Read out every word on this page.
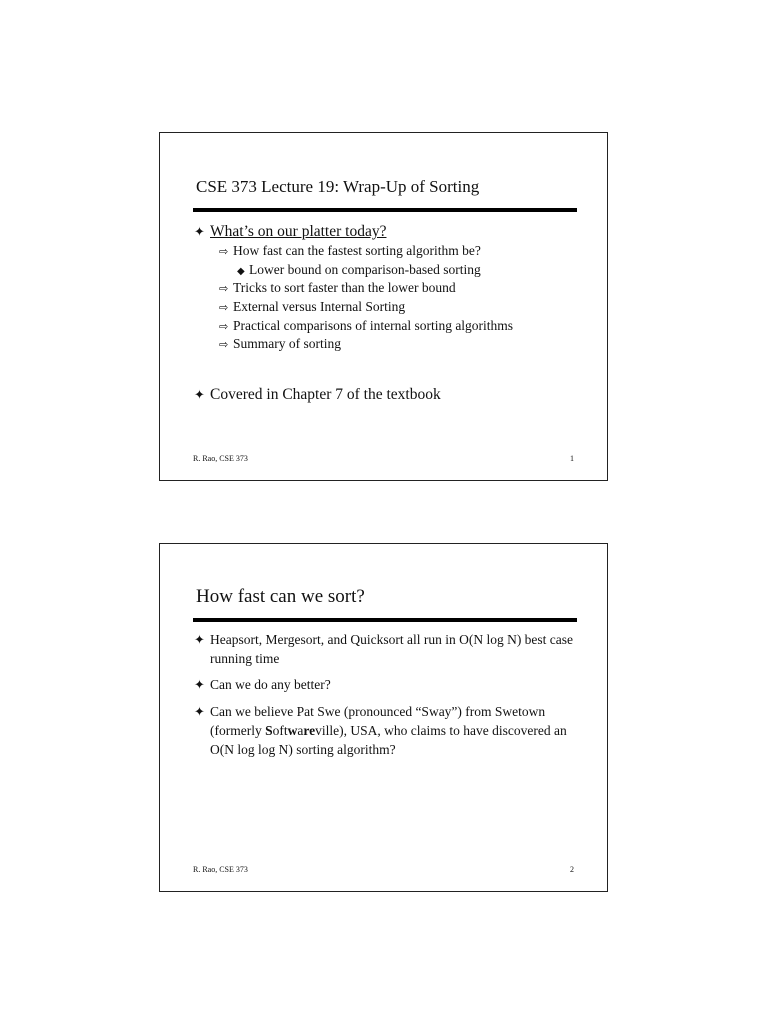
CSE 373 Lecture 19: Wrap-Up of Sorting
✦ What’s on our platter today?
⇨ How fast can the fastest sorting algorithm be?
◆ Lower bound on comparison-based sorting
⇨ Tricks to sort faster than the lower bound
⇨ External versus Internal Sorting
⇨ Practical comparisons of internal sorting algorithms
⇨ Summary of sorting
✦ Covered in Chapter 7 of the textbook
R. Rao, CSE 373	1
How fast can we sort?
✦ Heapsort, Mergesort, and Quicksort all run in O(N log N) best case running time
✦ Can we do any better?
✦ Can we believe Pat Swe (pronounced “Sway”) from Swetown (formerly Softwareville), USA, who claims to have discovered an O(N log log N) sorting algorithm?
R. Rao, CSE 373	2
